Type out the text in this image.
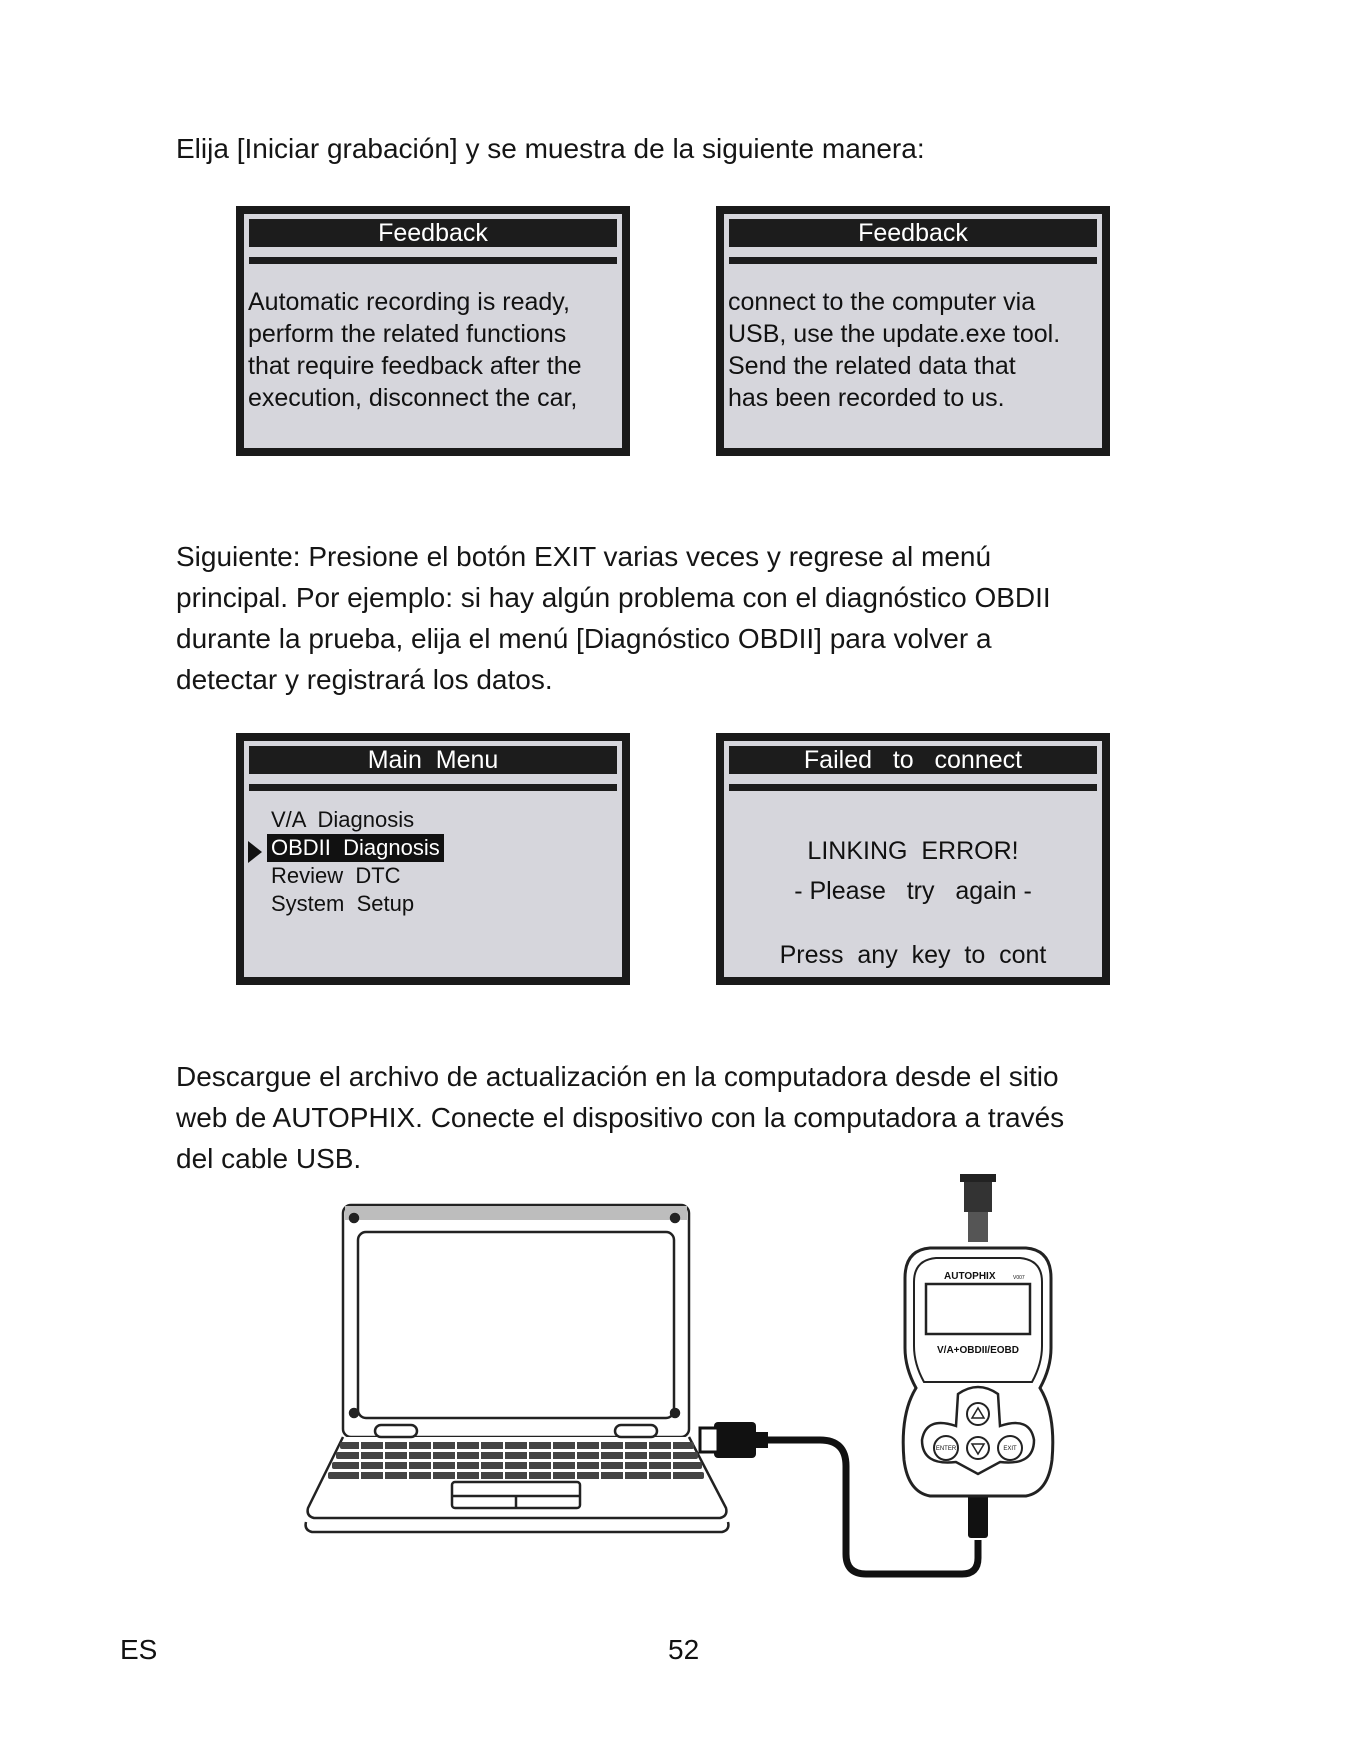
Elija [Iniciar grabación] y se muestra de la siguiente manera:

Feedback
Automatic recording is ready,
perform the related functions
that require feedback after the
execution, disconnect the car,
Feedback
connect to the computer via
USB, use the update.exe tool.
Send the related data that
has been recorded to us.

Siguiente: Presione el botón EXIT varias veces y regrese al menú
principal. Por ejemplo: si hay algún problema con el diagnóstico OBDII
durante la prueba, elija el menú [Diagnóstico OBDII] para volver a
detectar y registrará los datos.

Main  Menu
V/A  Diagnosis
OBDII  Diagnosis
Review  DTC
System  Setup
Failed   to   connect
LINKING  ERROR!
- Please   try   again -
Press  any  key  to  cont

Descargue el archivo de actualización en la computadora desde el sitio
web de AUTOPHIX. Conecte el dispositivo con la computadora a través
del cable USB.

AUTOPHIX	V007
V/A+OBDII/EOBD
ENTER	EXIT
ES	52
